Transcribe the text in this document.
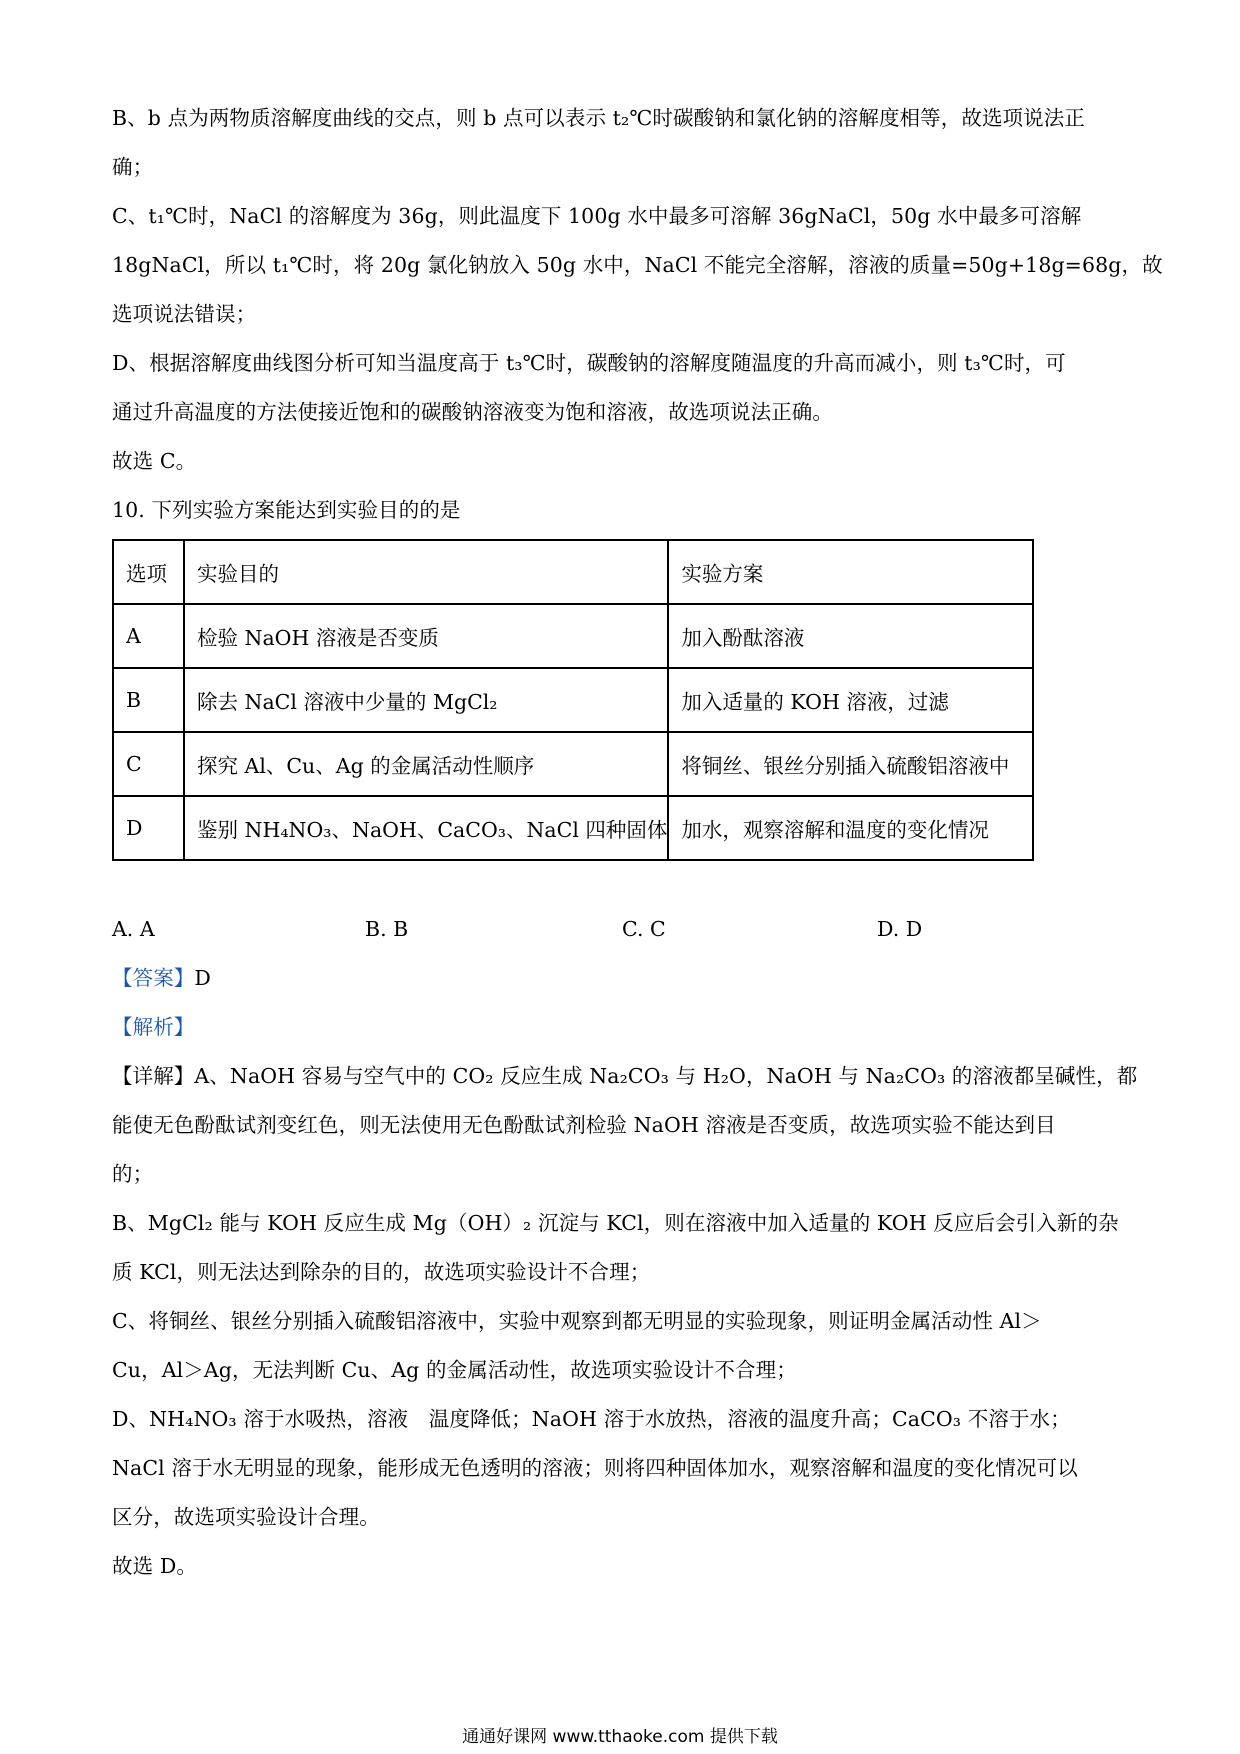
B、b 点为两物质溶解度曲线的交点，则 b 点可以表示 t₂℃时碳酸钠和氯化钠的溶解度相等，故选项说法正
确；
C、t₁℃时，NaCl 的溶解度为 36g，则此温度下 100g 水中最多可溶解 36gNaCl，50g 水中最多可溶解
18gNaCl，所以 t₁℃时，将 20g 氯化钠放入 50g 水中，NaCl 不能完全溶解，溶液的质量=50g+18g=68g，故
选项说法错误；
D、根据溶解度曲线图分析可知当温度高于 t₃℃时，碳酸钠的溶解度随温度的升高而减小，则 t₃℃时，可
通过升高温度的方法使接近饱和的碳酸钠溶液变为饱和溶液，故选项说法正确。
故选 C。
10. 下列实验方案能达到实验目的的是
选项	实验目的	实验方案
A	检验 NaOH 溶液是否变质	加入酚酞溶液
B	除去 NaCl 溶液中少量的 MgCl₂	加入适量的 KOH 溶液，过滤
C	探究 Al、Cu、Ag 的金属活动性顺序	将铜丝、银丝分别插入硫酸铝溶液中
D	鉴别 NH₄NO₃、NaOH、CaCO₃、NaCl 四种固体	加水，观察溶解和温度的变化情况
A. A	B. B	C. C	D. D
【答案】D
【解析】
【详解】A、NaOH 容易与空气中的 CO₂ 反应生成 Na₂CO₃ 与 H₂O，NaOH 与 Na₂CO₃ 的溶液都呈碱性，都
能使无色酚酞试剂变红色，则无法使用无色酚酞试剂检验 NaOH 溶液是否变质，故选项实验不能达到目
的；
B、MgCl₂ 能与 KOH 反应生成 Mg（OH）₂ 沉淀与 KCl，则在溶液中加入适量的 KOH 反应后会引入新的杂
质 KCl，则无法达到除杂的目的，故选项实验设计不合理；
C、将铜丝、银丝分别插入硫酸铝溶液中，实验中观察到都无明显的实验现象，则证明金属活动性 Al＞
Cu，Al＞Ag，无法判断 Cu、Ag 的金属活动性，故选项实验设计不合理；
D、NH₄NO₃ 溶于水吸热，溶液　温度降低；NaOH 溶于水放热，溶液的温度升高；CaCO₃ 不溶于水；
NaCl 溶于水无明显的现象，能形成无色透明的溶液；则将四种固体加水，观察溶解和温度的变化情况可以
区分，故选项实验设计合理。
故选 D。
通通好课网 www.tthaoke.com 提供下载
